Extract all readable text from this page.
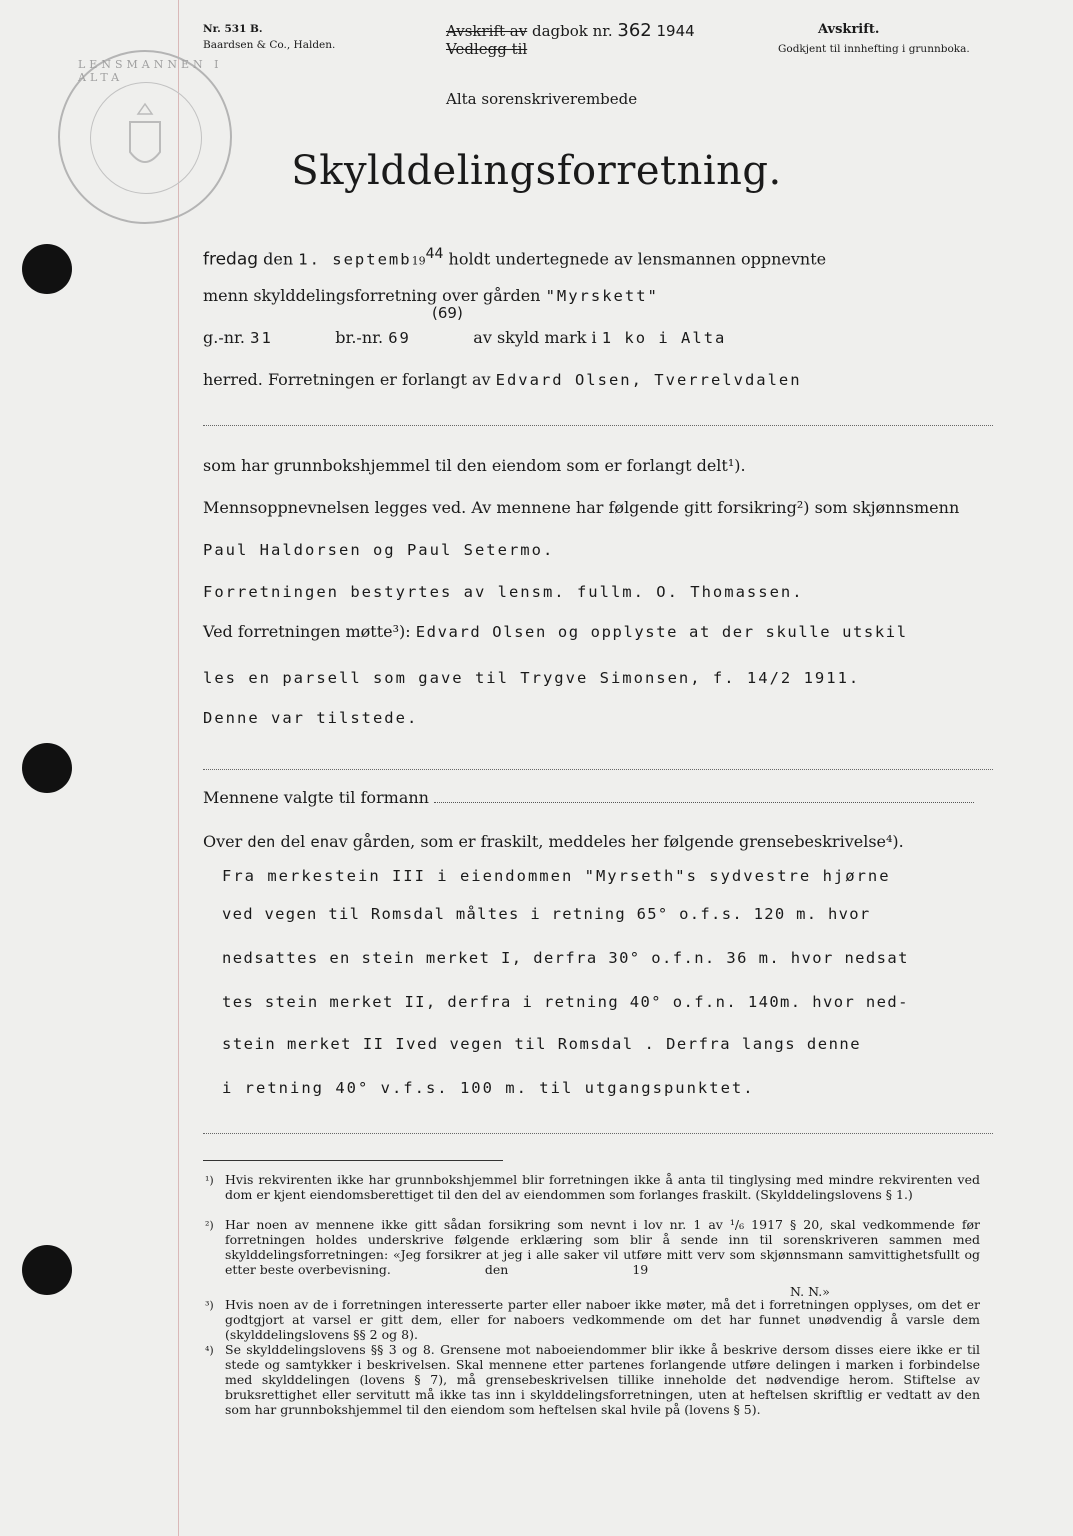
LENSMANNEN I ALTA
Nr. 531 B.
Baardsen & Co., Halden.
Avskrift av dagbok nr. 362 1944
Vedlegg til
Alta sorenskriverembede
Avskrift.
Godkjent til innhefting i grunnboka.
Skylddelingsforretning.
fredag den 1. $septemb19^{44}$ holdt undertegnede av lensmannen oppnevnte
menn skylddelingsforretning over gården "Myrskett"
g.-nr. 31	br.-nr. 69	av skyld mark i 1 ko i Alta
(69)
herred. Forretningen er forlangt av Edvard Olsen, Tverrelvdalen
som har grunnbokshjemmel til den eiendom som er forlangt delt¹).
Mennsoppnevnelsen legges ved. Av mennene har følgende gitt forsikring²) som skjønnsmenn
Paul Haldorsen og Paul Setermo.
Forretningen bestyrtes av lensm. fullm. O. Thomassen.
Ved forretningen møtte³): Edvard Olsen og opplyste at der skulle utskil
les en parsell som gave til Trygve Simonsen, f. 14/2 1911.
Denne var tilstede.
Mennene valgte til formann
Over den del enav gården, som er fraskilt, meddeles her følgende grensebeskrivelse⁴).
Fra merkestein III i eiendommen "Myrseth"s sydvestre hjørne
ved vegen til Romsdal måltes i retning 65° o.f.s. 120 m. hvor
nedsattes en stein merket I, derfra 30° o.f.n. 36 m. hvor nedsat
tes stein merket II, derfra i retning 40° o.f.n. 140m. hvor ned-
stein merket II Ived vegen til Romsdal . Derfra langs denne
i retning 40° v.f.s. 100 m. til utgangspunktet.
¹) Hvis rekvirenten ikke har grunnbokshjemmel blir forretningen ikke å anta til tinglysing med mindre rekvirenten ved dom er kjent eiendomsberettiget til den del av eiendommen som forlanges fraskilt. (Skylddelingslovens § 1.)
²) Har noen av mennene ikke gitt sådan forsikring som nevnt i lov nr. 1 av ¹/₆ 1917 § 20, skal vedkommende før forretningen holdes underskrive følgende erklæring som blir å sende inn til sorenskriveren sammen med skylddelingsforretningen: «Jeg forsikrer at jeg i alle saker vil utføre mitt verv som skjønnsmann samvittighetsfullt og etter beste overbevisning.	den	19
N. N.»
³) Hvis noen av de i forretningen interesserte parter eller naboer ikke møter, må det i forretningen opplyses, om det er godtgjort at varsel er gitt dem, eller for naboers vedkommende om det har funnet unødvendig å varsle dem (skylddelingslovens §§ 2 og 8).
⁴) Se skylddelingslovens §§ 3 og 8. Grensene mot naboeiendommer blir ikke å beskrive dersom disses eiere ikke er til stede og samtykker i beskrivelsen. Skal mennene etter partenes forlangende utføre delingen i marken i forbindelse med skylddelingen (lovens § 7), må grensebeskrivelsen tillike inneholde det nødvendige herom. Stiftelse av bruksrettighet eller servitutt må ikke tas inn i skylddelingsforretningen, uten at heftelsen skriftlig er vedtatt av den som har grunnbokshjemmel til den eiendom som heftelsen skal hvile på (lovens § 5).
